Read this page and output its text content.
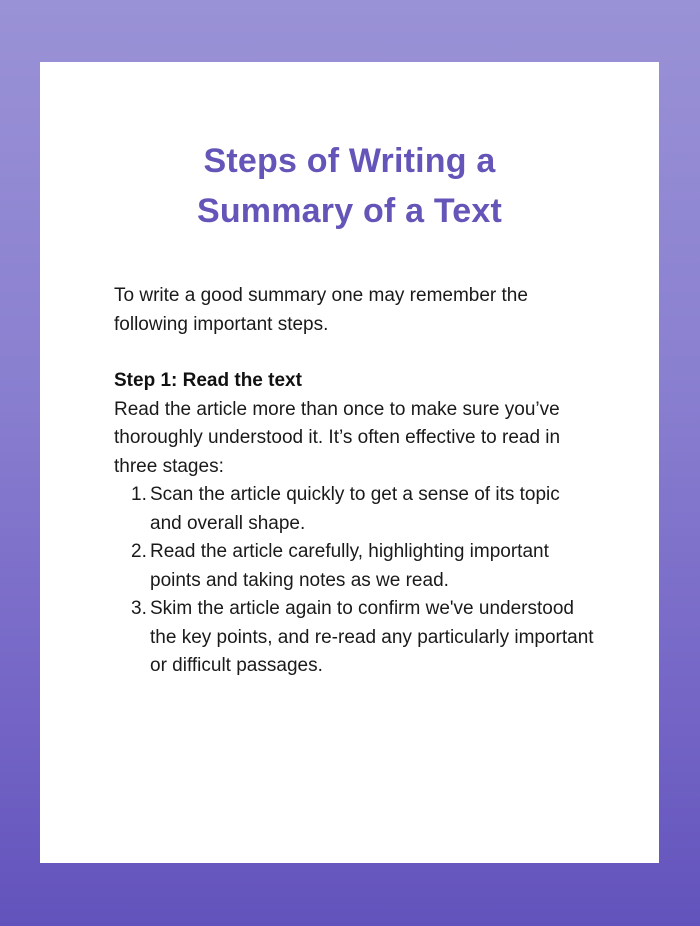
Steps of Writing a
Summary of a Text

To write a good summary one may remember the following important steps.

Step 1: Read the text

Read the article more than once to make sure you’ve thoroughly understood it. It’s often effective to read in three stages:

1. Scan the article quickly to get a sense of its topic and overall shape.
2. Read the article carefully, highlighting important points and taking notes as we read.
3. Skim the article again to confirm we've understood the key points, and re-read any particularly important or difficult passages.
